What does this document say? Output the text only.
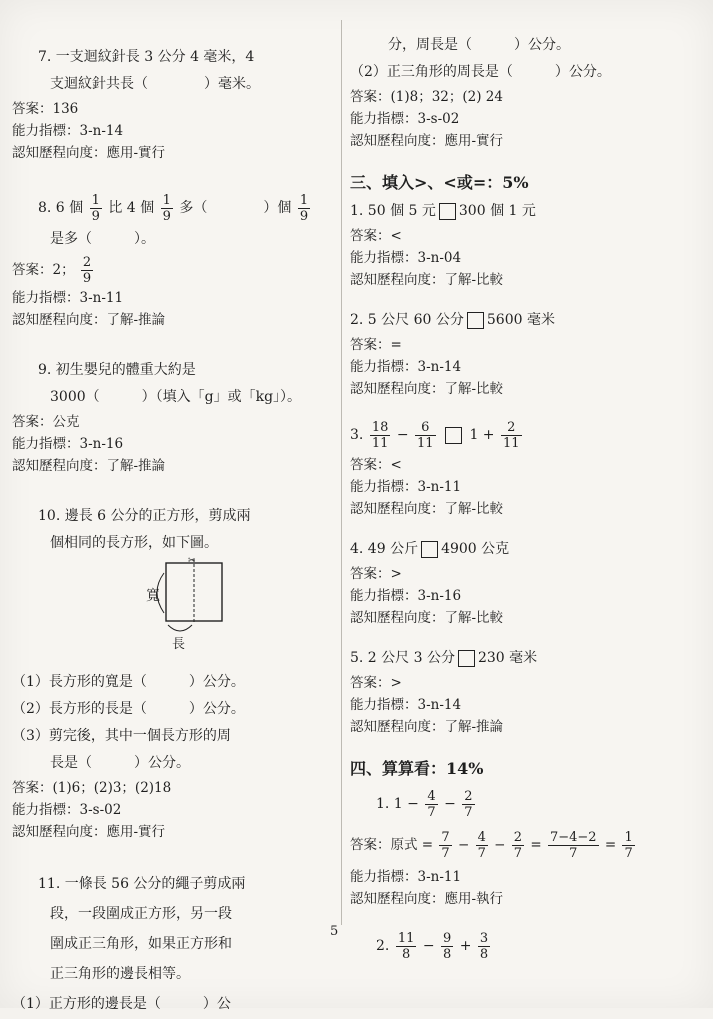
7. 一支迴紋針長 3 公分 4 毫米，4

支迴紋針共長（　　　　）毫米。

答案：136

能力指標：3-n-14

認知歷程向度：應用-實行

8. 6 個 $\frac{1}{9}$ 比 4 個 $\frac{1}{9}$ 多（　　　　）個 $\frac{1}{9}$

是多（　　　）。

答案：2； $\frac{2}{9}$

能力指標：3-n-11

認知歷程向度：了解-推論

9. 初生嬰兒的體重大約是

3000（　　　）（填入「g」或「kg」）。

答案：公克

能力指標：3-n-16

認知歷程向度：了解-推論

10. 邊長 6 公分的正方形，剪成兩

個相同的長方形，如下圖。

✂
寬
長

（1）長方形的寬是（　　　）公分。

（2）長方形的長是（　　　）公分。

（3）剪完後，其中一個長方形的周

長是（　　　）公分。

答案：(1)6；(2)3；(2)18

能力指標：3-s-02

認知歷程向度：應用-實行

11. 一條長 56 公分的繩子剪成兩

段，一段圍成正方形，另一段

圍成正三角形，如果正方形和

正三角形的邊長相等。

（1）正方形的邊長是（　　　）公

分，周長是（　　　）公分。

（2）正三角形的周長是（　　　）公分。

答案：(1)8；32；(2) 24

能力指標：3-s-02

認知歷程向度：應用-實行

三、填入>、<或=：5%

1. 50 個 5 元 300 個 1 元

答案：<

能力指標：3-n-04

認知歷程向度：了解-比較

2. 5 公尺 60 公分 5600 毫米

答案：=

能力指標：3-n-14

認知歷程向度：了解-比較

3. $\frac{18}{11} - \frac{6}{11} 1 + \frac{2}{11}$

答案：<

能力指標：3-n-11

認知歷程向度：了解-比較

4. 49 公斤 4900 公克

答案：>

能力指標：3-n-16

認知歷程向度：了解-比較

5. 2 公尺 3 公分 230 毫米

答案：>

能力指標：3-n-14

認知歷程向度：了解-推論

四、算算看：14%

1. $1 - \frac{4}{7} - \frac{2}{7}$

答案：原式 = $\frac{7}{7} - \frac{4}{7} - \frac{2}{7} = \frac{7-4-2}{7} = \frac{1}{7}$

能力指標：3-n-11

認知歷程向度：應用-執行

2. $\frac{11}{8} - \frac{9}{8} + \frac{3}{8}$

5
